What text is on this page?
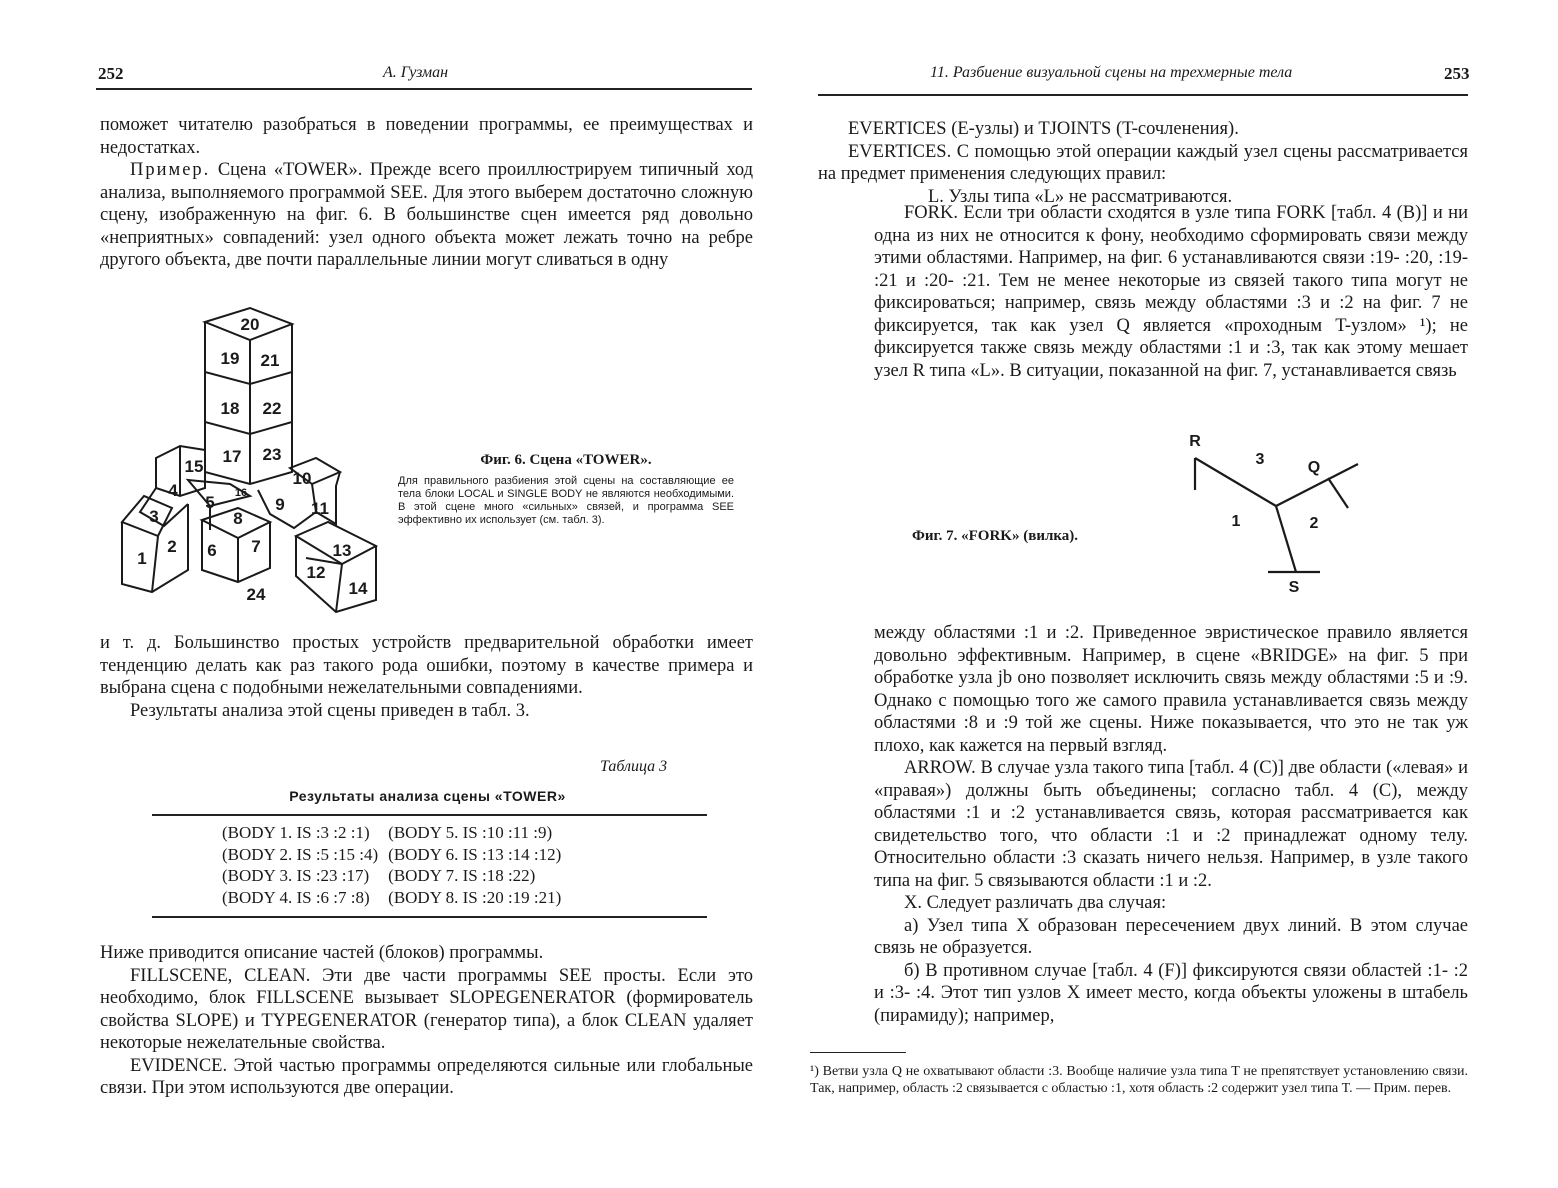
252	А. Гузман

поможет читателю разобраться в поведении программы, ее преимуществах и недостатках.

Пример. Сцена «TOWER». Прежде всего проиллюстрируем типичный ход анализа, выполняемого программой SEE. Для этого выберем достаточно сложную сцену, изображенную на фиг. 6. В большинстве сцен имеется ряд довольно «неприятных» совпадений: узел одного объекта может лежать точно на ребре другого объекта, две почти параллельные линии могут сливаться в одну

20
19 21
18 22
17 23
15
16
10
4
5	9 11
3	8
1
2 6 7	13
12
14
24
Фиг. 6. Сцена «TOWER».
Для правильного разбиения этой сцены на составляющие ее тела блоки LOCAL и SINGLE BODY не являются необходимыми. В этой сцене много «сильных» связей, и программа SEE эффективно их использует (см. табл. 3).

и т. д. Большинство простых устройств предварительной обработки имеет тенденцию делать как раз такого рода ошибки, поэтому в качестве примера и выбрана сцена с подобными нежелательными совпадениями.

Результаты анализа этой сцены приведен в табл. 3.

Таблица 3
Результаты анализа сцены «TOWER»
(BODY 1. IS :3 :2 :1)	(BODY 5. IS :10 :11 :9)
(BODY 2. IS :5 :15 :4)	(BODY 6. IS :13 :14 :12)
(BODY 3. IS :23 :17)	(BODY 7. IS :18 :22)
(BODY 4. IS :6 :7 :8)	(BODY 8. IS :20 :19 :21)

Ниже приводится описание частей (блоков) программы.

FILLSCENE, CLEAN. Эти две части программы SEE просты. Если это необходимо, блок FILLSCENE вызывает SLOPEGENERATOR (формирователь свойства SLOPE) и TYPEGENERATOR (генератор типа), а блок CLEAN удаляет некоторые нежелательные свойства.

EVIDENCE. Этой частью программы определяются сильные или глобальные связи. При этом используются две операции.

11. Разбиение визуальной сцены на трехмерные тела	253

EVERTICES (E-узлы) и TJOINTS (T-сочленения).

EVERTICES. С помощью этой операции каждый узел сцены рассматривается на предмет применения следующих правил:

L. Узлы типа «L» не рассматриваются.

FORK. Если три области сходятся в узле типа FORK [табл. 4 (B)] и ни одна из них не относится к фону, необходимо сформировать связи между этими областями. Например, на фиг. 6 устанавливаются связи :19- :20, :19- :21 и :20- :21. Тем не менее некоторые из связей такого типа могут не фиксироваться; например, связь между областями :3 и :2 на фиг. 7 не фиксируется, так как узел Q является «проходным T-узлом» ¹); не фиксируется также связь между областями :1 и :3, так как этому мешает узел R типа «L». В ситуации, показанной на фиг. 7, устанавливается связь

Фиг. 7. «FORK» (вилка).
R
3	Q
1	2
S

между областями :1 и :2. Приведенное эвристическое правило является довольно эффективным. Например, в сцене «BRIDGE» на фиг. 5 при обработке узла jb оно позволяет исключить связь между областями :5 и :9. Однако с помощью того же самого правила устанавливается связь между областями :8 и :9 той же сцены. Ниже показывается, что это не так уж плохо, как кажется на первый взгляд.

ARROW. В случае узла такого типа [табл. 4 (C)] две области («левая» и «правая») должны быть объединены; согласно табл. 4 (C), между областями :1 и :2 устанавливается связь, которая рассматривается как свидетельство того, что области :1 и :2 принадлежат одному телу. Относительно области :3 сказать ничего нельзя. Например, в узле такого типа на фиг. 5 связываются области :1 и :2.

X. Следует различать два случая:

а) Узел типа X образован пересечением двух линий. В этом случае связь не образуется.

б) В противном случае [табл. 4 (F)] фиксируются связи областей :1- :2 и :3- :4. Этот тип узлов X имеет место, когда объекты уложены в штабель (пирамиду); например,

¹) Ветви узла Q не охватывают области :3. Вообще наличие узла типа T не препятствует установлению связи. Так, например, область :2 связывается с областью :1, хотя область :2 содержит узел типа T. — Прим. перев.
